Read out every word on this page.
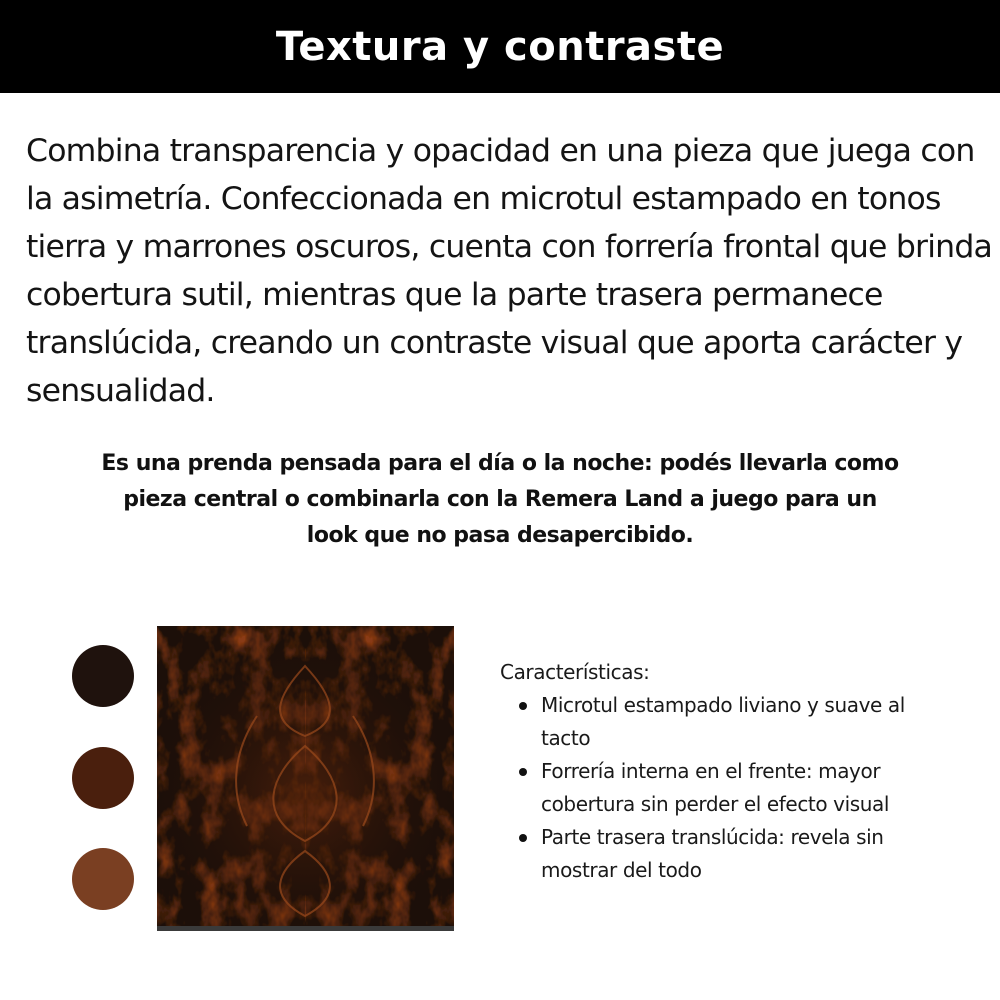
Textura y contraste

Combina transparencia y opacidad en una pieza que juega con la asimetría. Confeccionada en microtul estampado en tonos tierra y marrones oscuros, cuenta con forrería frontal que brinda cobertura sutil, mientras que la parte trasera permanece translúcida, creando un contraste visual que aporta carácter y sensualidad.

Es una prenda pensada para el día o la noche: podés llevarla como pieza central o combinarla con la Remera Land a juego para un look que no pasa desapercibido.

Características:

Microtul estampado liviano y suave al tacto
Forrería interna en el frente: mayor cobertura sin perder el efecto visual
Parte trasera translúcida: revela sin mostrar del todo
